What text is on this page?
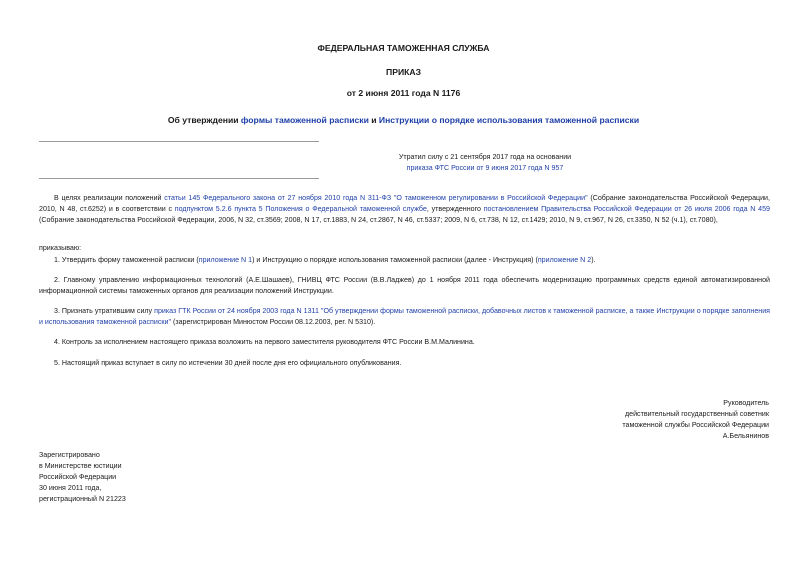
ФЕДЕРАЛЬНАЯ ТАМОЖЕННАЯ СЛУЖБА
ПРИКАЗ
от 2 июня 2011 года N 1176
Об утверждении формы таможенной расписки и Инструкции о порядке использования таможенной расписки
Утратил силу с 21 сентября 2017 года на основании
приказа ФТС России от 9 июня 2017 года N 957
В целях реализации положений статьи 145 Федерального закона от 27 ноября 2010 года N 311-ФЗ "О таможенном регулировании в Российской Федерации" (Собрание законодательства Российской Федерации, 2010, N 48, ст.6252) и в соответствии с подпунктом 5.2.6 пункта 5 Положения о Федеральной таможенной службе, утвержденного постановлением Правительства Российской Федерации от 26 июля 2006 года N 459 (Собрание законодательства Российской Федерации, 2006, N 32, ст.3569; 2008, N 17, ст.1883, N 24, ст.2867, N 46, ст.5337; 2009, N 6, ст.738, N 12, ст.1429; 2010, N 9, ст.967, N 26, ст.3350, N 52 (ч.1), ст.7080),
приказываю:
1. Утвердить форму таможенной расписки (приложение N 1) и Инструкцию о порядке использования таможенной расписки (далее - Инструкция) (приложение N 2).
2. Главному управлению информационных технологий (А.Е.Шашаев), ГНИВЦ ФТС России (В.В.Ладжев) до 1 ноября 2011 года обеспечить модернизацию программных средств единой автоматизированной информационной системы таможенных органов для реализации положений Инструкции.
3. Признать утратившим силу приказ ГТК России от 24 ноября 2003 года N 1311 "Об утверждении формы таможенной расписки, добавочных листов к таможенной расписке, а также Инструкции о порядке заполнения и использования таможенной расписки" (зарегистрирован Минюстом России 08.12.2003, рег. N 5310).
4. Контроль за исполнением настоящего приказа возложить на первого заместителя руководителя ФТС России В.М.Малинина.
5. Настоящий приказ вступает в силу по истечении 30 дней после дня его официального опубликования.
Руководитель
действительный государственный советник
таможенной службы Российской Федерации
А.Бельянинов
Зарегистрировано
в Министерстве юстиции
Российской Федерации
30 июня 2011 года,
регистрационный N 21223
